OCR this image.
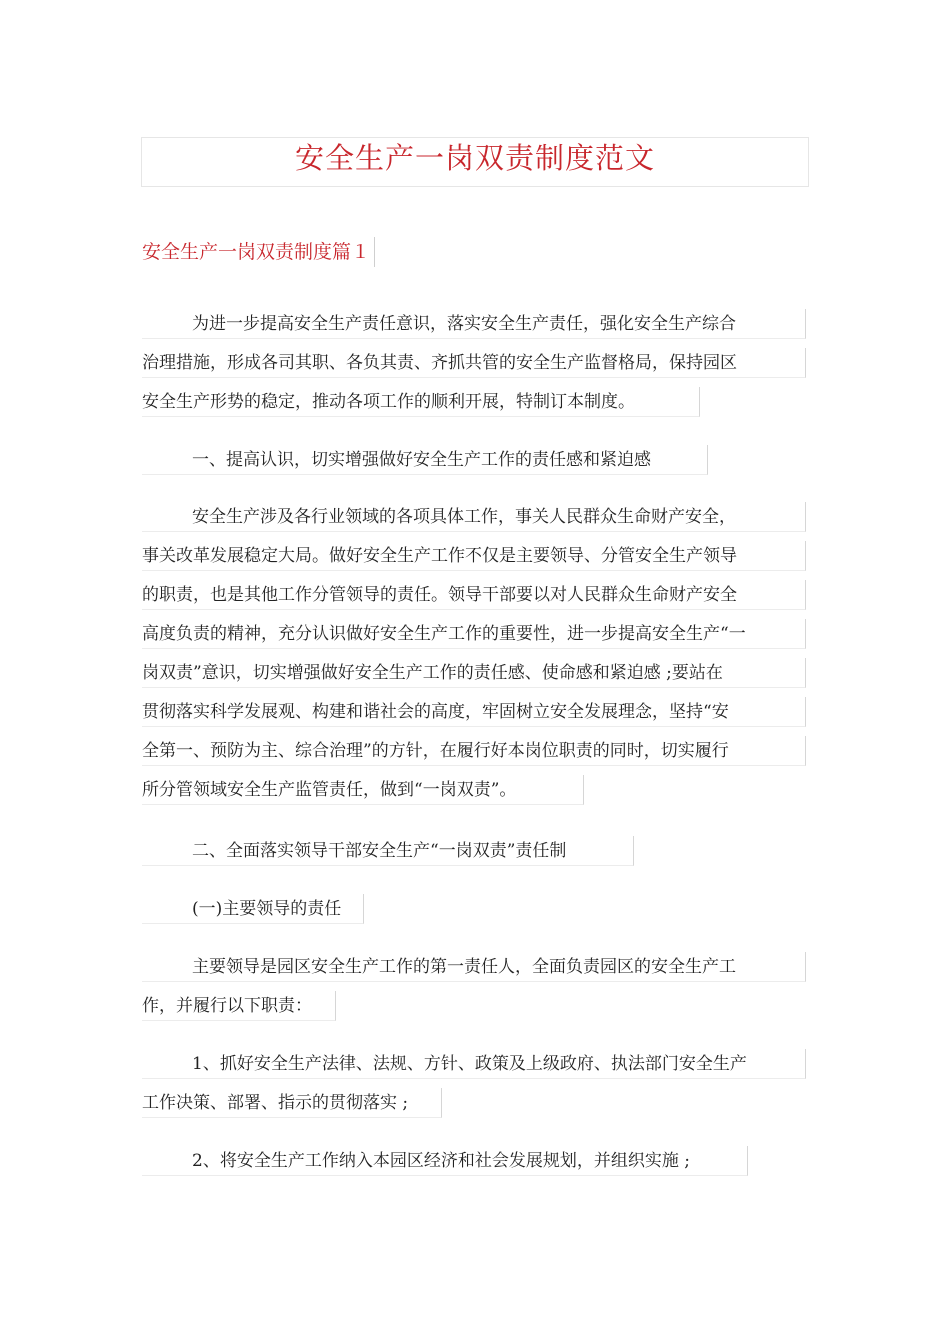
安全生产一岗双责制度范文
安全生产一岗双责制度篇１
为进一步提高安全生产责任意识，落实安全生产责任，强化安全生产综合 治理措施，形成各司其职、各负其责、齐抓共管的安全生产监督格局，保持园区 安全生产形势的稳定，推动各项工作的顺利开展，特制订本制度。
一、提高认识，切实增强做好安全生产工作的责任感和紧迫感
安全生产涉及各行业领域的各项具体工作，事关人民群众生命财产安全， 事关改革发展稳定大局。做好安全生产工作不仅是主要领导、分管安全生产领导 的职责，也是其他工作分管领导的责任。领导干部要以对人民群众生命财产安全 高度负责的精神，充分认识做好安全生产工作的重要性，进一步提高安全生产“一 岗双责”意识，切实增强做好安全生产工作的责任感、使命感和紧迫感 ;要站在 贯彻落实科学发展观、构建和谐社会的高度，牢固树立安全发展理念，坚持“安 全第一、预防为主、综合治理”的方针，在履行好本岗位职责的同时，切实履行 所分管领域安全生产监管责任，做到“一岗双责”。
二、全面落实领导干部安全生产“一岗双责”责任制
(一)主要领导的责任
主要领导是园区安全生产工作的第一责任人，全面负责园区的安全生产工 作，并履行以下职责：
1、抓好安全生产法律、法规、方针、政策及上级政府、执法部门安全生产 工作决策、部署、指示的贯彻落实 ;
2、将安全生产工作纳入本园区经济和社会发展规划，并组织实施 ;
